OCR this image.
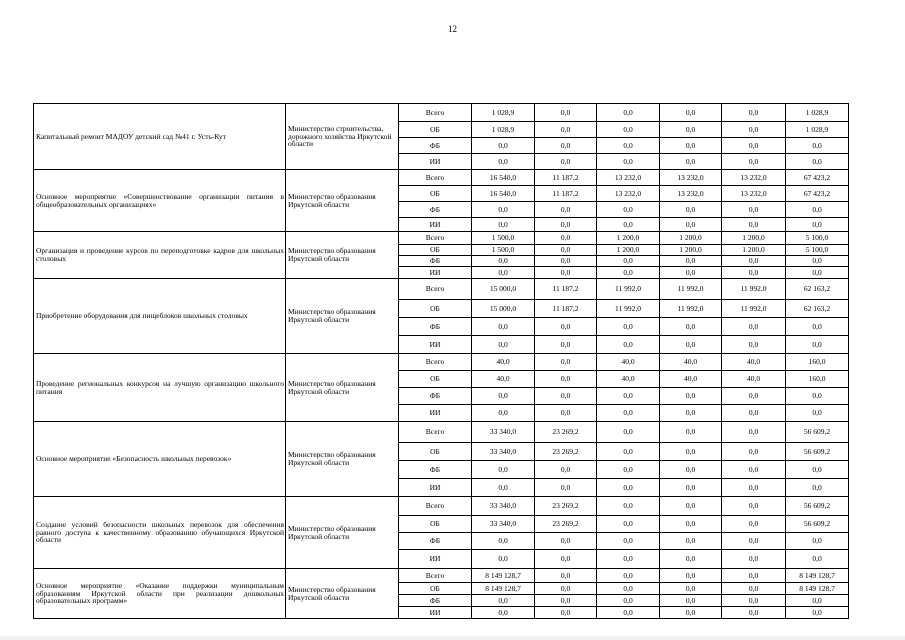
12
Капитальный ремонт МАДОУ детский сад №41 г. Усть-Кут	Министерство строительства, дорожного хозяйства Иркутской области	Всего	1 028,9	0,0	0,0	0,0	0,0	1 028,9
		ОБ	1 028,9	0,0	0,0	0,0	0,0	1 028,9
		ФБ	0,0	0,0	0,0	0,0	0,0	0,0
		ИИ	0,0	0,0	0,0	0,0	0,0	0,0
Основное мероприятие «Совершенствование организации питания в общеобразовательных организациях»	Министерство образования Иркутской области	Всего	16 540,0	11 187,2	13 232,0	13 232,0	13 232,0	67 423,2
		ОБ	16 540,0	11 187,2	13 232,0	13 232,0	13 232,0	67 423,2
		ФБ	0,0	0,0	0,0	0,0	0,0	0,0
		ИИ	0,0	0,0	0,0	0,0	0,0	0,0
Организация и проведение курсов по переподготовке кадров для школьных столовых	Министерство образования Иркутской области	Всего	1 500,0	0,0	1 200,0	1 200,0	1 200,0	5 100,0
		ОБ	1 500,0	0,0	1 200,0	1 200,0	1 200,0	5 100,0
		ФБ	0,0	0,0	0,0	0,0	0,0	0,0
		ИИ	0,0	0,0	0,0	0,0	0,0	0,0
Приобретение оборудования для пищеблоков школьных столовых	Министерство образования Иркутской области	Всего	15 000,0	11 187,2	11 992,0	11 992,0	11 992,0	62 163,2
		ОБ	15 000,0	11 187,2	11 992,0	11 992,0	11 992,0	62 163,2
		ФБ	0,0	0,0	0,0	0,0	0,0	0,0
		ИИ	0,0	0,0	0,0	0,0	0,0	0,0
Проведение региональных конкурсов на лучшую организацию школьного питания	Министерство образования Иркутской области	Всего	40,0	0,0	40,0	40,0	40,0	160,0
		ОБ	40,0	0,0	40,0	40,0	40,0	160,0
		ФБ	0,0	0,0	0,0	0,0	0,0	0,0
		ИИ	0,0	0,0	0,0	0,0	0,0	0,0
Основное мероприятие «Безопасность школьных перевозок»	Министерство образования Иркутской области	Всего	33 340,0	23 269,2	0,0	0,0	0,0	56 609,2
		ОБ	33 340,0	23 269,2	0,0	0,0	0,0	56 609,2
		ФБ	0,0	0,0	0,0	0,0	0,0	0,0
		ИИ	0,0	0,0	0,0	0,0	0,0	0,0
Создание условий безопасности школьных перевозок для обеспечения равного доступа к качественному образованию обучающихся Иркутской области	Министерство образования Иркутской области	Всего	33 340,0	23 269,2	0,0	0,0	0,0	56 609,2
		ОБ	33 340,0	23 269,2	0,0	0,0	0,0	56 609,2
		ФБ	0,0	0,0	0,0	0,0	0,0	0,0
		ИИ	0,0	0,0	0,0	0,0	0,0	0,0
Основное мероприятие «Оказание поддержки муниципальным образованиям Иркутской области при реализации дошкольных образовательных программ»	Министерство образования Иркутской области	Всего	8 149 128,7	0,0	0,0	0,0	0,0	8 149 128,7
		ОБ	8 149 128,7	0,0	0,0	0,0	0,0	8 149 128,7
		ФБ	0,0	0,0	0,0	0,0	0,0	0,0
		ИИ	0,0	0,0	0,0	0,0	0,0	0,0
